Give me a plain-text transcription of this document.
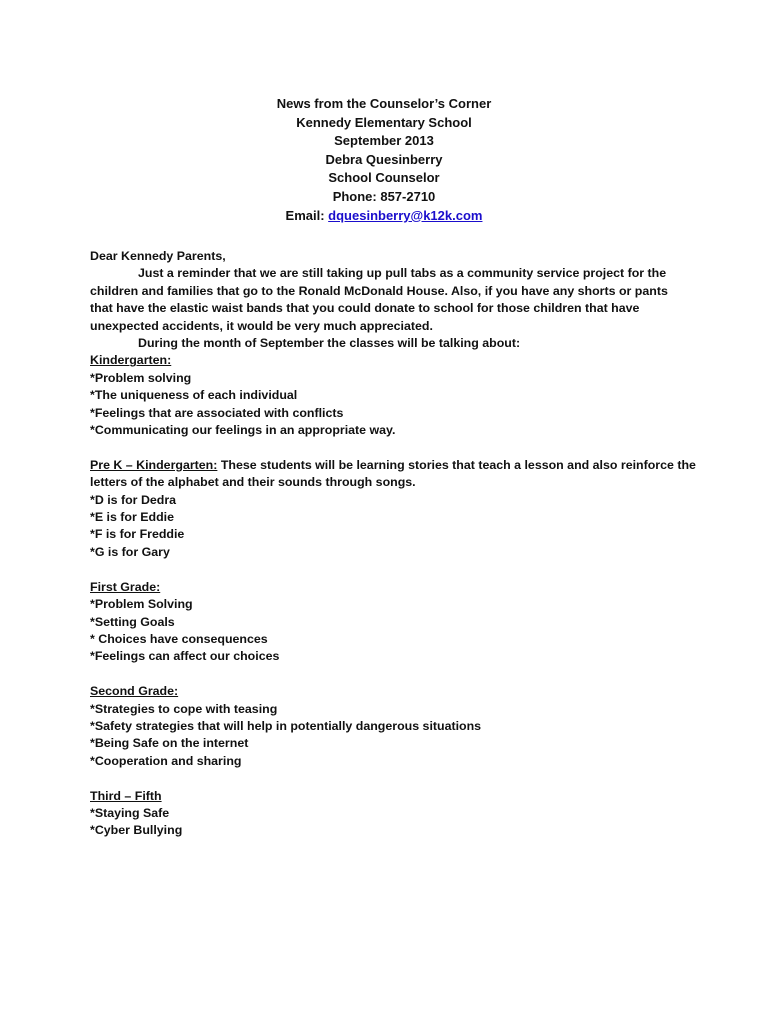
News from the Counselor’s Corner
Kennedy Elementary School
September 2013
Debra Quesinberry
School Counselor
Phone: 857-2710
Email: dquesinberry@k12k.com

Dear Kennedy Parents,

Just a reminder that we are still taking up pull tabs as a community service project for the

children and families that go to the Ronald McDonald House. Also, if you have any shorts or pants

that have the elastic waist bands that you could donate to school for those children that have

unexpected accidents, it would be very much appreciated.

During the month of September the classes will be talking about:

Kindergarten:

*Problem solving

*The uniqueness of each individual

*Feelings that are associated with conflicts

*Communicating our feelings in an appropriate way.

Pre K – Kindergarten: These students will be learning stories that teach a lesson and also reinforce the

letters of the alphabet and their sounds through songs.

*D is for Dedra

*E is for Eddie

*F is for Freddie

*G is for Gary

First Grade:

*Problem Solving

*Setting Goals

* Choices have consequences

*Feelings can affect our choices

Second Grade:

*Strategies to cope with teasing

*Safety strategies that will help in potentially dangerous situations

*Being Safe on the internet

*Cooperation and sharing

Third – Fifth

*Staying Safe

*Cyber Bullying
